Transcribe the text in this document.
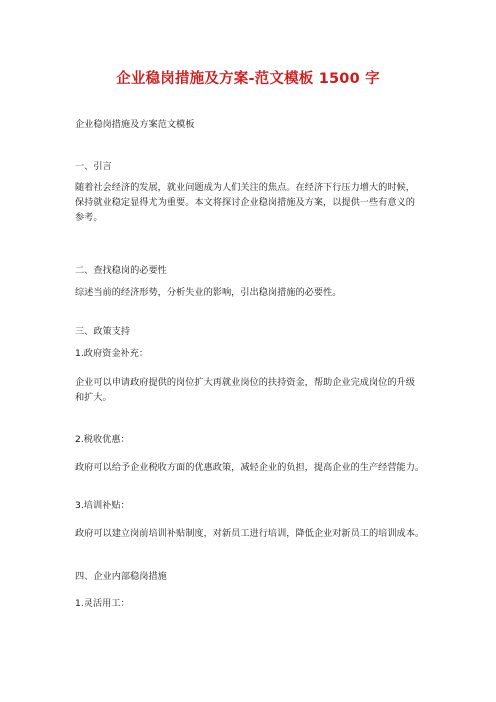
企业稳岗措施及方案-范文模板 1500 字
企业稳岗措施及方案范文模板
一、引言
随着社会经济的发展，就业问题成为人们关注的焦点。在经济下行压力增大的时候，
保持就业稳定显得尤为重要。本文将探讨企业稳岗措施及方案，以提供一些有意义的
参考。
二、查找稳岗的必要性
综述当前的经济形势，分析失业的影响，引出稳岗措施的必要性。
三、政策支持
1.政府资金补充：
企业可以申请政府提供的岗位扩大再就业岗位的扶持资金，帮助企业完成岗位的升级
和扩大。
2.税收优惠：
政府可以给予企业税收方面的优惠政策，减轻企业的负担，提高企业的生产经营能力。
3.培训补贴：
政府可以建立岗前培训补贴制度，对新员工进行培训，降低企业对新员工的培训成本。
四、企业内部稳岗措施
1.灵活用工：
